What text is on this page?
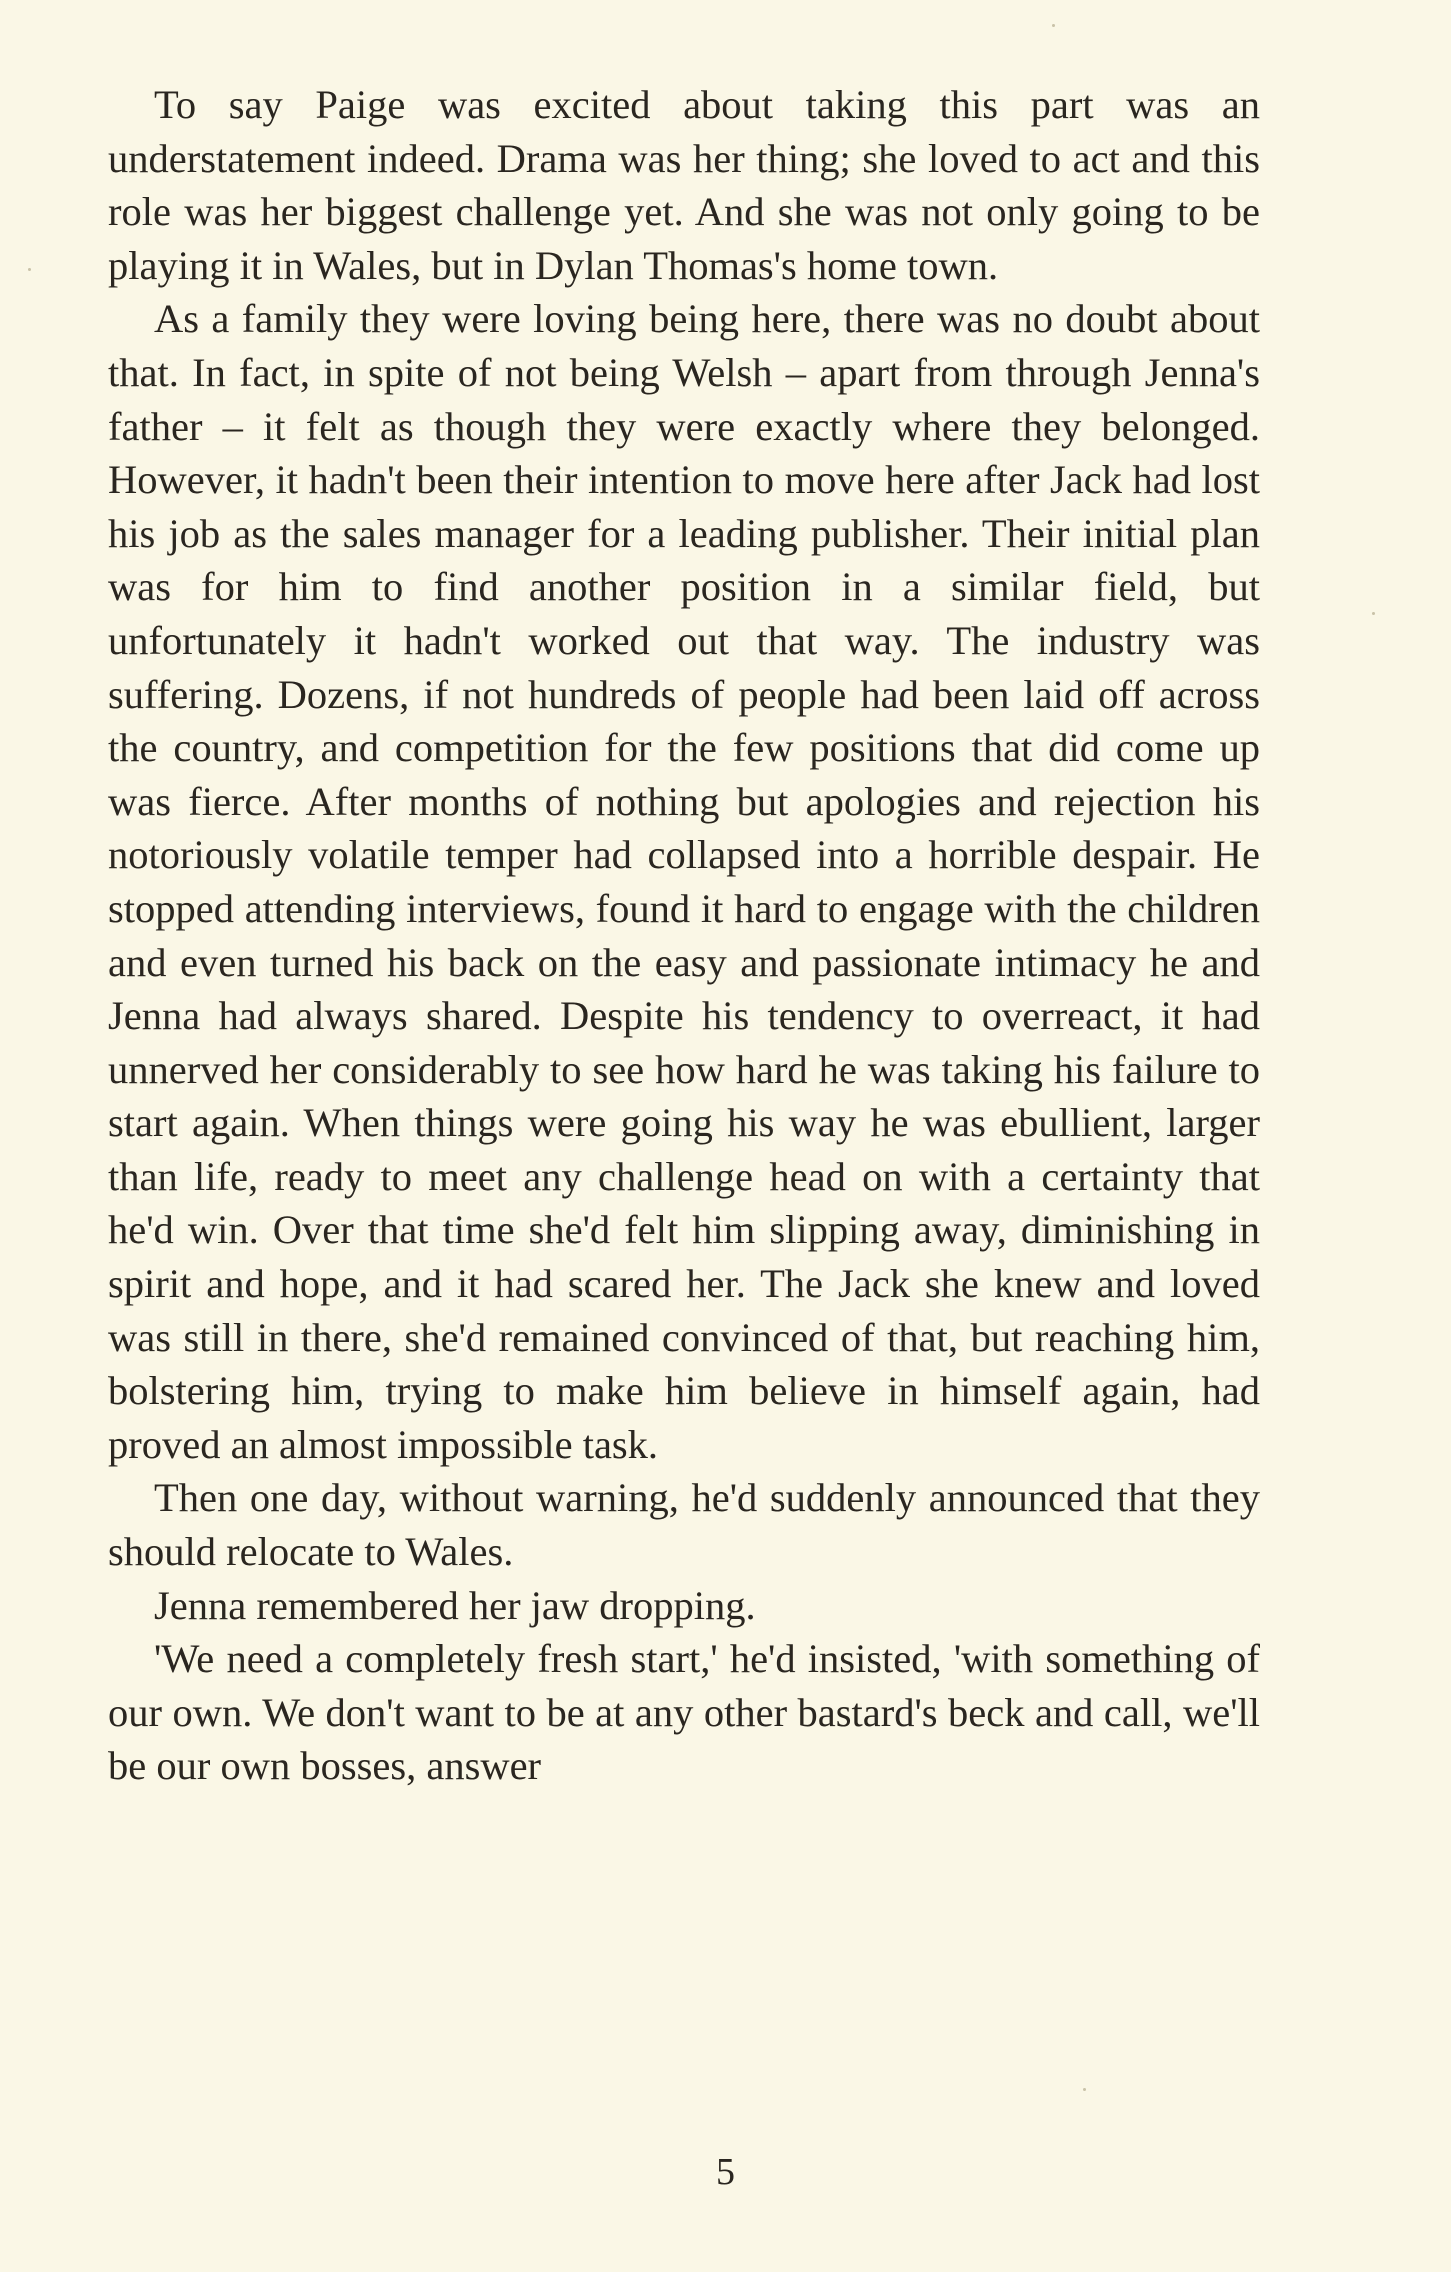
To say Paige was excited about taking this part was an understatement indeed. Drama was her thing; she loved to act and this role was her biggest challenge yet. And she was not only going to be playing it in Wales, but in Dylan Thomas's home town.

As a family they were loving being here, there was no doubt about that. In fact, in spite of not being Welsh – apart from through Jenna's father – it felt as though they were exactly where they belonged. However, it hadn't been their intention to move here after Jack had lost his job as the sales manager for a leading publisher. Their initial plan was for him to find another position in a similar field, but unfortunately it hadn't worked out that way. The industry was suffering. Dozens, if not hundreds of people had been laid off across the country, and competition for the few positions that did come up was fierce. After months of nothing but apologies and rejection his notoriously volatile temper had collapsed into a horrible despair. He stopped attending interviews, found it hard to engage with the children and even turned his back on the easy and passionate intimacy he and Jenna had always shared. Despite his tendency to overreact, it had unnerved her considerably to see how hard he was taking his failure to start again. When things were going his way he was ebullient, larger than life, ready to meet any challenge head on with a certainty that he'd win. Over that time she'd felt him slipping away, diminishing in spirit and hope, and it had scared her. The Jack she knew and loved was still in there, she'd remained convinced of that, but reaching him, bolstering him, trying to make him believe in himself again, had proved an almost impossible task.

Then one day, without warning, he'd suddenly announced that they should relocate to Wales.

Jenna remembered her jaw dropping.

'We need a completely fresh start,' he'd insisted, 'with something of our own. We don't want to be at any other bastard's beck and call, we'll be our own bosses, answer

5
